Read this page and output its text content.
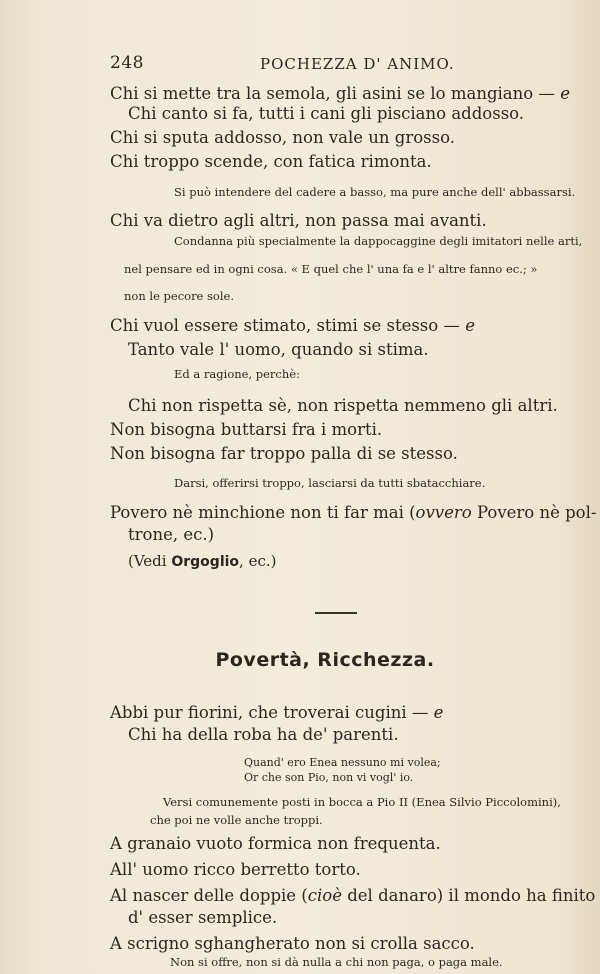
248	POCHEZZA D' ANIMO.

Chi si mette tra la semola, gli asini se lo mangiano — e

Chi canto si fa, tutti i cani gli pisciano addosso.

Chi si sputa addosso, non vale un grosso.

Chi troppo scende, con fatica rimonta.

Si può intendere del cadere a basso, ma pure anche dell' abbassarsi.

Chi va dietro agli altri, non passa mai avanti.

Condanna più specialmente la dappocaggine degli imitatori nelle arti,

nel pensare ed in ogni cosa. « E quel che l' una fa e l' altre fanno ec.; »

non le pecore sole.

Chi vuol essere stimato, stimi se stesso — e

Tanto vale l' uomo, quando si stima.

Ed a ragione, perchè:

Chi non rispetta sè, non rispetta nemmeno gli altri.

Non bisogna buttarsi fra i morti.

Non bisogna far troppo palla di se stesso.

Darsi, offerirsi troppo, lasciarsi da tutti sbatacchiare.

Povero nè minchione non ti far mai (ovvero Povero nè pol-

trone, ec.)

(Vedi Orgoglio, ec.)

Povertà, Ricchezza.

Abbi pur fiorini, che troverai cugini — e

Chi ha della roba ha de' parenti.

Quand' ero Enea nessuno mi volea;

Or che son Pio, non vi vogl' io.

Versi comunemente posti in bocca a Pio II (Enea Silvio Piccolomini),

che poi ne volle anche troppi.

A granaio vuoto formica non frequenta.

All' uomo ricco berretto torto.

Al nascer delle doppie (cioè del danaro) il mondo ha finito

d' esser semplice.

A scrigno sghangherato non si crolla sacco.

Non si offre, non si dà nulla a chi non paga, o paga male.
